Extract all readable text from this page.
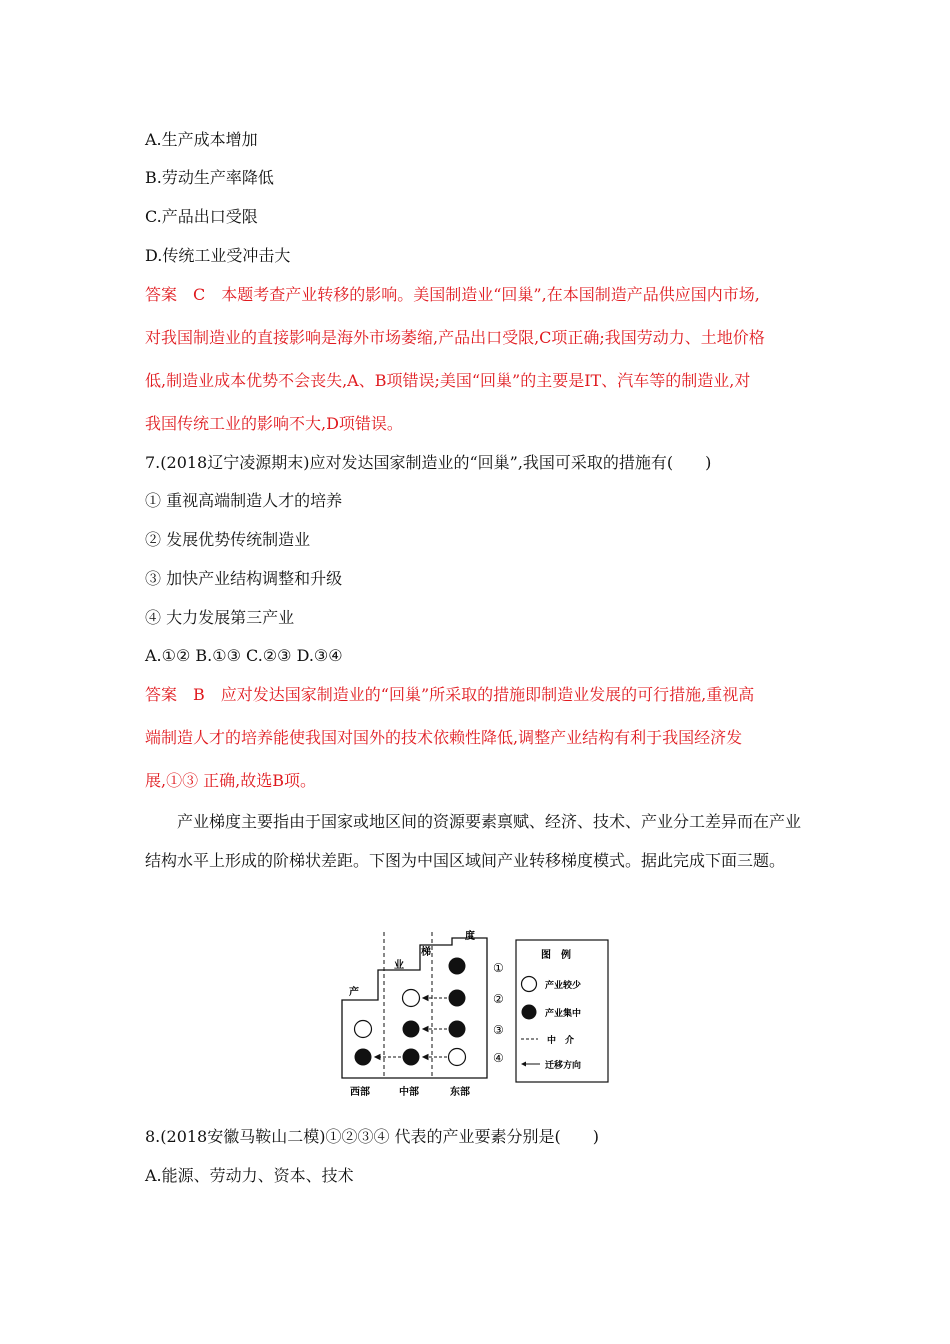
A.生产成本增加
B.劳动生产率降低
C.产品出口受限
D.传统工业受冲击大
答案　C　本题考查产业转移的影响。美国制造业“回巢”,在本国制造产品供应国内市场,
对我国制造业的直接影响是海外市场萎缩,产品出口受限,C项正确;我国劳动力、土地价格
低,制造业成本优势不会丧失,A、B项错误;美国“回巢”的主要是IT、汽车等的制造业,对
我国传统工业的影响不大,D项错误。
7.(2018辽宁凌源期末)应对发达国家制造业的“回巢”,我国可采取的措施有(　　)
① 重视高端制造人才的培养
② 发展优势传统制造业
③ 加快产业结构调整和升级
④ 大力发展第三产业
A.①② B.①③ C.②③ D.③④
答案　B　应对发达国家制造业的“回巢”所采取的措施即制造业发展的可行措施,重视高
端制造人才的培养能使我国对国外的技术依赖性降低,调整产业结构有利于我国经济发
展,①③ 正确,故选B项。
产业梯度主要指由于国家或地区间的资源要素禀赋、经济、技术、产业分工差异而在产业结构水平上形成的阶梯状差距。下图为中国区域间产业转移梯度模式。据此完成下面三题。
产
业
梯
度
①
②
③
④
西部	中部	东部
图　例
产业较少
产业集中
中　介
迁移方向
8.(2018安徽马鞍山二模)①②③④ 代表的产业要素分别是(　　)
A.能源、劳动力、资本、技术
